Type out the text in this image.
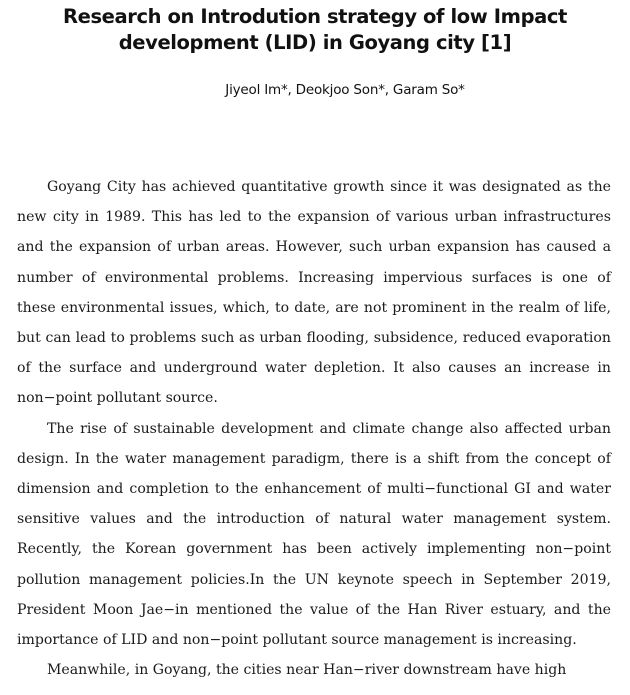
Research on Introdution strategy of low Impact
development (LID) in Goyang city [1]
Jiyeol Im*, Deokjoo Son*, Garam So*

Goyang City has achieved quantitative growth since it was designated as the new city in 1989. This has led to the expansion of various urban infrastructures and the expansion of urban areas. However, such urban expansion has caused a number of environmental problems. Increasing impervious surfaces is one of these environmental issues, which, to date, are not prominent in the realm of life, but can lead to problems such as urban flooding, subsidence, reduced evaporation of the surface and underground water depletion. It also causes an increase in non−point pollutant source.

The rise of sustainable development and climate change also affected urban design. In the water management paradigm, there is a shift from the concept of dimension and completion to the enhancement of multi−functional GI and water sensitive values and the introduction of natural water management system. Recently, the Korean government has been actively implementing non−point pollution management policies.In the UN keynote speech in September 2019, President Moon Jae−in mentioned the value of the Han River estuary, and the importance of LID and non−point pollutant source management is increasing.

Meanwhile, in Goyang, the cities near Han−river downstream have high
